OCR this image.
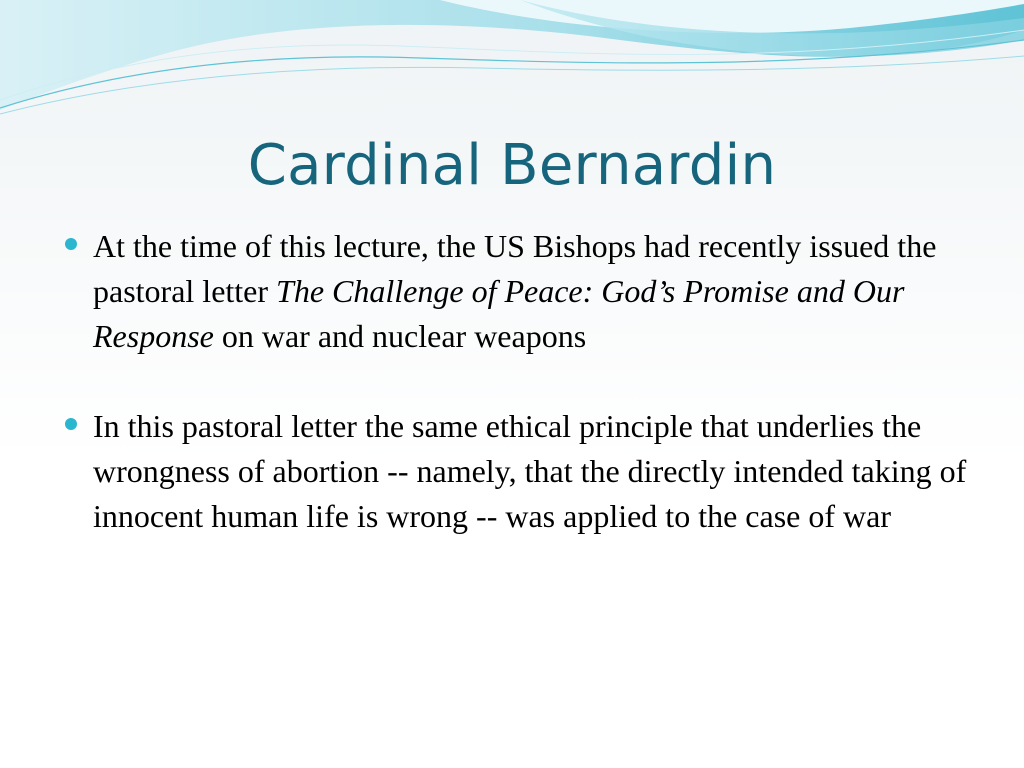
Cardinal Bernardin
At the time of this lecture, the US Bishops had recently issued the pastoral letter The Challenge of Peace: God’s Promise and Our Response on war and nuclear weapons
In this pastoral letter the same ethical principle that underlies the wrongness of abortion -- namely, that the directly intended taking of innocent human life is wrong -- was applied to the case of war
